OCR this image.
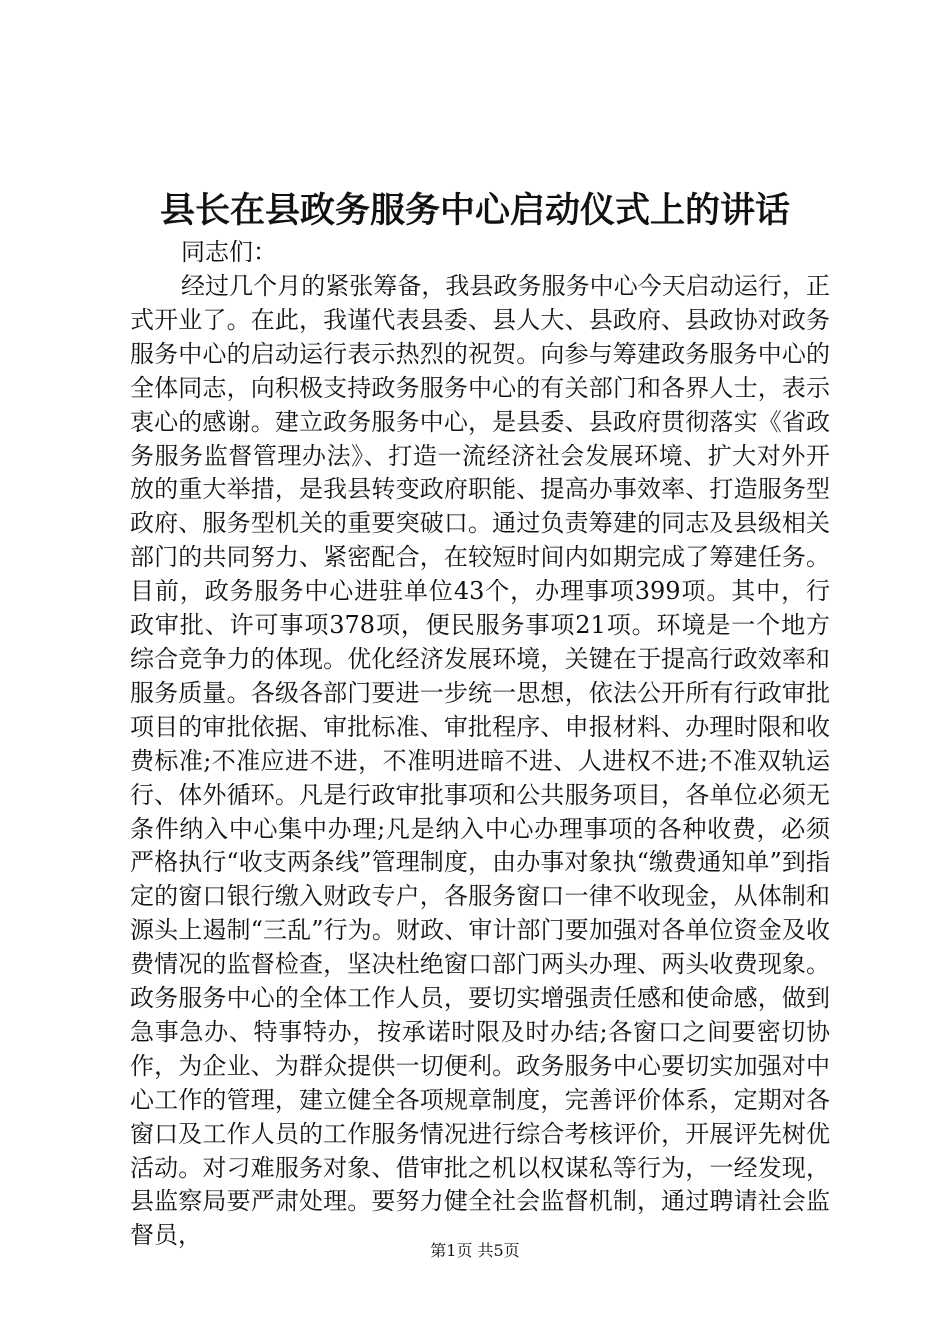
县长在县政务服务中心启动仪式上的讲话

同志们：

经过几个月的紧张筹备，我县政务服务中心今天启动运行，正式开业了。在此，我谨代表县委、县人大、县政府、县政协对政务服务中心的启动运行表示热烈的祝贺。向参与筹建政务服务中心的全体同志，向积极支持政务服务中心的有关部门和各界人士，表示衷心的感谢。建立政务服务中心，是县委、县政府贯彻落实《省政务服务监督管理办法》、打造一流经济社会发展环境、扩大对外开放的重大举措，是我县转变政府职能、提高办事效率、打造服务型政府、服务型机关的重要突破口。通过负责筹建的同志及县级相关部门的共同努力、紧密配合，在较短时间内如期完成了筹建任务。目前，政务服务中心进驻单位43个，办理事项399项。其中，行政审批、许可事项378项，便民服务事项21项。环境是一个地方综合竞争力的体现。优化经济发展环境，关键在于提高行政效率和服务质量。各级各部门要进一步统一思想，依法公开所有行政审批项目的审批依据、审批标准、审批程序、申报材料、办理时限和收费标准;不准应进不进，不准明进暗不进、人进权不进;不准双轨运行、体外循环。凡是行政审批事项和公共服务项目，各单位必须无条件纳入中心集中办理;凡是纳入中心办理事项的各种收费，必须严格执行“收支两条线”管理制度，由办事对象执“缴费通知单”到指定的窗口银行缴入财政专户，各服务窗口一律不收现金，从体制和源头上遏制“三乱”行为。财政、审计部门要加强对各单位资金及收费情况的监督检查，坚决杜绝窗口部门两头办理、两头收费现象。政务服务中心的全体工作人员，要切实增强责任感和使命感，做到急事急办、特事特办，按承诺时限及时办结;各窗口之间要密切协作，为企业、为群众提供一切便利。政务服务中心要切实加强对中心工作的管理，建立健全各项规章制度，完善评价体系，定期对各窗口及工作人员的工作服务情况进行综合考核评价，开展评先树优活动。对刁难服务对象、借审批之机以权谋私等行为，一经发现，县监察局要严肃处理。要努力健全社会监督机制，通过聘请社会监督员，

第1页 共5页
